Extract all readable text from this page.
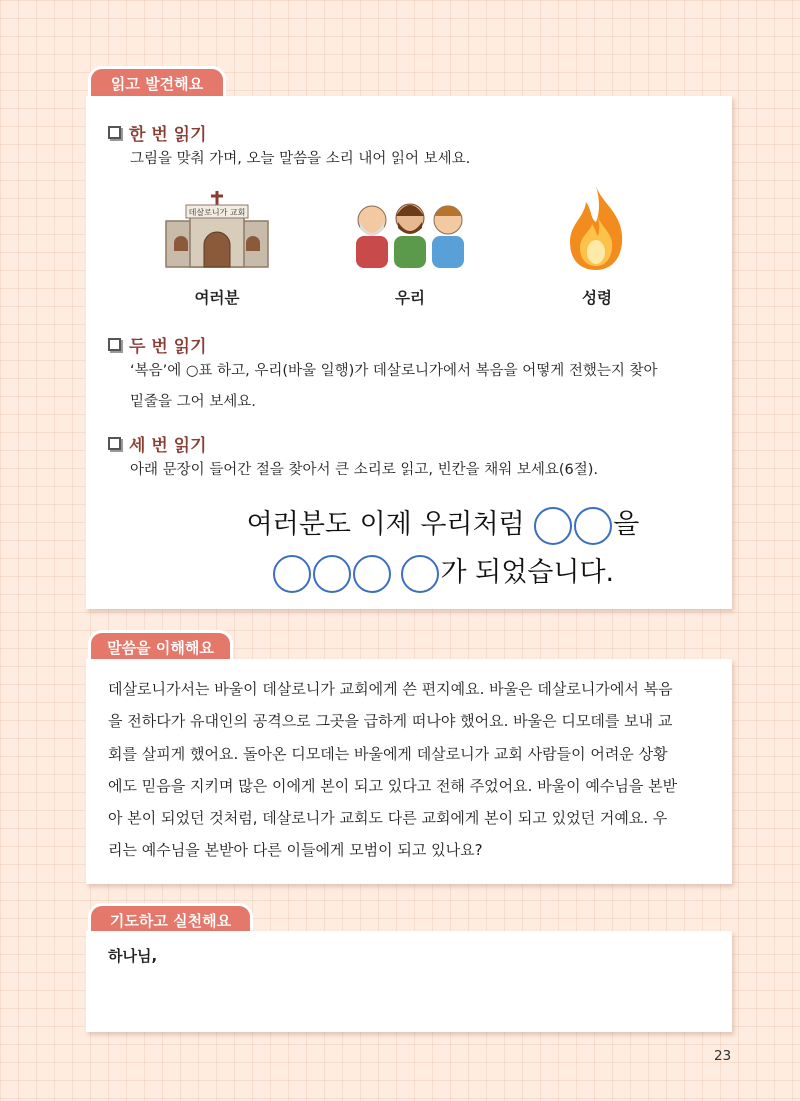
읽고 발견해요
한 번 읽기
그림을 맞춰 가며, 오늘 말씀을 소리 내어 읽어 보세요.
데살로니가 교회
여러분	우리	성령
두 번 읽기
‘복음’에 ○표 하고, 우리(바울 일행)가 데살로니가에서 복음을 어떻게 전했는지 찾아
밑줄을 그어 보세요.
세 번 읽기
아래 문장이 들어간 절을 찾아서 큰 소리로 읽고, 빈칸을 채워 보세요(6절).
여러분도 이제 우리처럼	을
가 되었습니다.
말씀을 이해해요
데살로니가서는 바울이 데살로니가 교회에게 쓴 편지예요. 바울은 데살로니가에서 복음
을 전하다가 유대인의 공격으로 그곳을 급하게 떠나야 했어요. 바울은 디모데를 보내 교
회를 살피게 했어요. 돌아온 디모데는 바울에게 데살로니가 교회 사람들이 어려운 상황
에도 믿음을 지키며 많은 이에게 본이 되고 있다고 전해 주었어요. 바울이 예수님을 본받
아 본이 되었던 것처럼, 데살로니가 교회도 다른 교회에게 본이 되고 있었던 거예요. 우
리는 예수님을 본받아 다른 이들에게 모범이 되고 있나요?
기도하고 실천해요
하나님,
23
